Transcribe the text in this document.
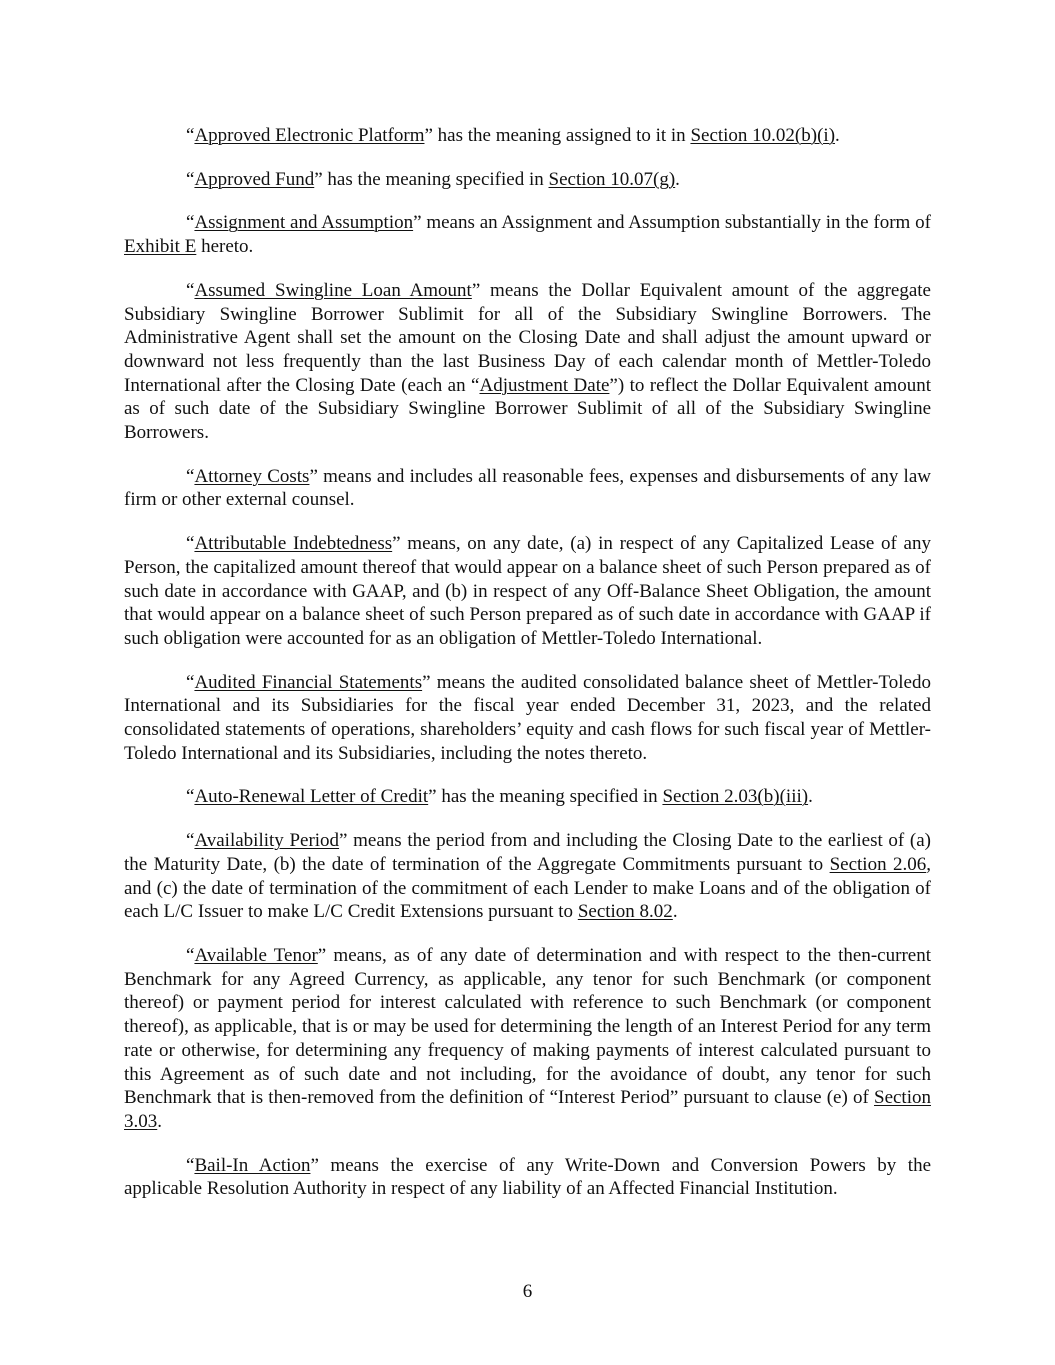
“Approved Electronic Platform” has the meaning assigned to it in Section 10.02(b)(i).

“Approved Fund” has the meaning specified in Section 10.07(g).

“Assignment and Assumption” means an Assignment and Assumption substantially in the form of Exhibit E hereto.

“Assumed Swingline Loan Amount” means the Dollar Equivalent amount of the aggregate Subsidiary Swingline Borrower Sublimit for all of the Subsidiary Swingline Borrowers. The Administrative Agent shall set the amount on the Closing Date and shall adjust the amount upward or downward not less frequently than the last Business Day of each calendar month of Mettler-Toledo International after the Closing Date (each an “Adjustment Date”) to reflect the Dollar Equivalent amount as of such date of the Subsidiary Swingline Borrower Sublimit of all of the Subsidiary Swingline Borrowers.

“Attorney Costs” means and includes all reasonable fees, expenses and disbursements of any law firm or other external counsel.

“Attributable Indebtedness” means, on any date, (a) in respect of any Capitalized Lease of any Person, the capitalized amount thereof that would appear on a balance sheet of such Person prepared as of such date in accordance with GAAP, and (b) in respect of any Off-Balance Sheet Obligation, the amount that would appear on a balance sheet of such Person prepared as of such date in accordance with GAAP if such obligation were accounted for as an obligation of Mettler-Toledo International.

“Audited Financial Statements” means the audited consolidated balance sheet of Mettler-Toledo International and its Subsidiaries for the fiscal year ended December 31, 2023, and the related consolidated statements of operations, shareholders’ equity and cash flows for such fiscal year of Mettler-Toledo International and its Subsidiaries, including the notes thereto.

“Auto-Renewal Letter of Credit” has the meaning specified in Section 2.03(b)(iii).

“Availability Period” means the period from and including the Closing Date to the earliest of (a) the Maturity Date, (b) the date of termination of the Aggregate Commitments pursuant to Section 2.06, and (c) the date of termination of the commitment of each Lender to make Loans and of the obligation of each L/C Issuer to make L/C Credit Extensions pursuant to Section 8.02.

“Available Tenor” means, as of any date of determination and with respect to the then-current Benchmark for any Agreed Currency, as applicable, any tenor for such Benchmark (or component thereof) or payment period for interest calculated with reference to such Benchmark (or component thereof), as applicable, that is or may be used for determining the length of an Interest Period for any term rate or otherwise, for determining any frequency of making payments of interest calculated pursuant to this Agreement as of such date and not including, for the avoidance of doubt, any tenor for such Benchmark that is then-removed from the definition of “Interest Period” pursuant to clause (e) of Section 3.03.

“Bail-In Action” means the exercise of any Write-Down and Conversion Powers by the applicable Resolution Authority in respect of any liability of an Affected Financial Institution.

6
